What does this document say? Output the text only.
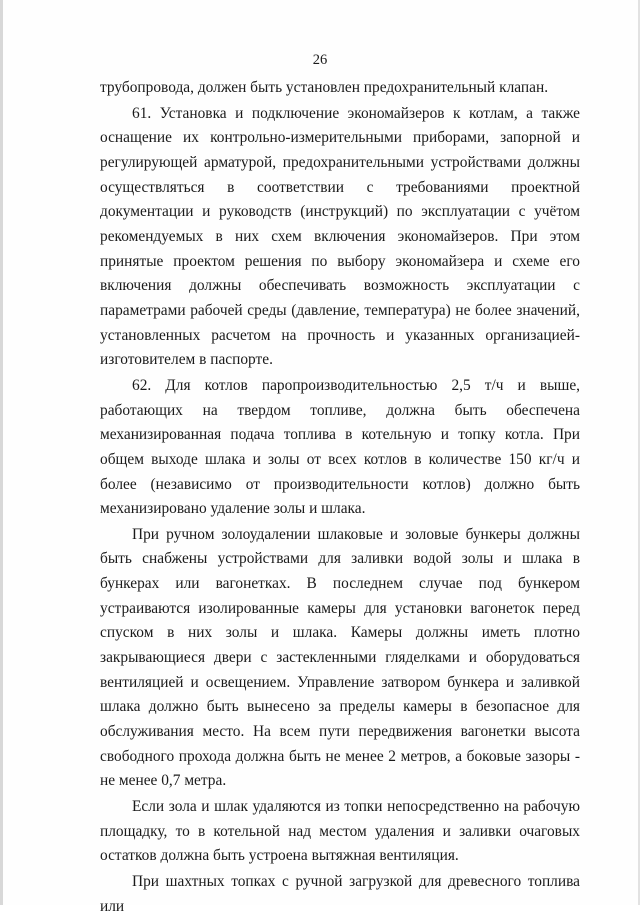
26

трубопровода, должен быть установлен предохранительный клапан.

61. Установка и подключение экономайзеров к котлам, а также оснащение их контрольно-измерительными приборами, запорной и регулирующей арматурой, предохранительными устройствами должны осуществляться в соответствии с требованиями проектной документации и руководств (инструкций) по эксплуатации с учётом рекомендуемых в них схем включения экономайзеров. При этом принятые проектом решения по выбору экономайзера и схеме его включения должны обеспечивать возможность эксплуатации с параметрами рабочей среды (давление, температура) не более значений, установленных расчетом на прочность и указанных организацией-изготовителем в паспорте.

62. Для котлов паропроизводительностью 2,5 т/ч и выше, работающих на твердом топливе, должна быть обеспечена механизированная подача топлива в котельную и топку котла. При общем выходе шлака и золы от всех котлов в количестве 150 кг/ч и более (независимо от производительности котлов) должно быть механизировано удаление золы и шлака.

При ручном золоудалении шлаковые и золовые бункеры должны быть снабжены устройствами для заливки водой золы и шлака в бункерах или вагонетках. В последнем случае под бункером устраиваются изолированные камеры для установки вагонеток перед спуском в них золы и шлака. Камеры должны иметь плотно закрывающиеся двери с застекленными гляделками и оборудоваться вентиляцией и освещением. Управление затвором бункера и заливкой шлака должно быть вынесено за пределы камеры в безопасное для обслуживания место. На всем пути передвижения вагонетки высота свободного прохода должна быть не менее 2 метров, а боковые зазоры - не менее 0,7 метра.

Если зола и шлак удаляются из топки непосредственно на рабочую площадку, то в котельной над местом удаления и заливки очаговых остатков должна быть устроена вытяжная вентиляция.

При шахтных топках с ручной загрузкой для древесного топлива или
